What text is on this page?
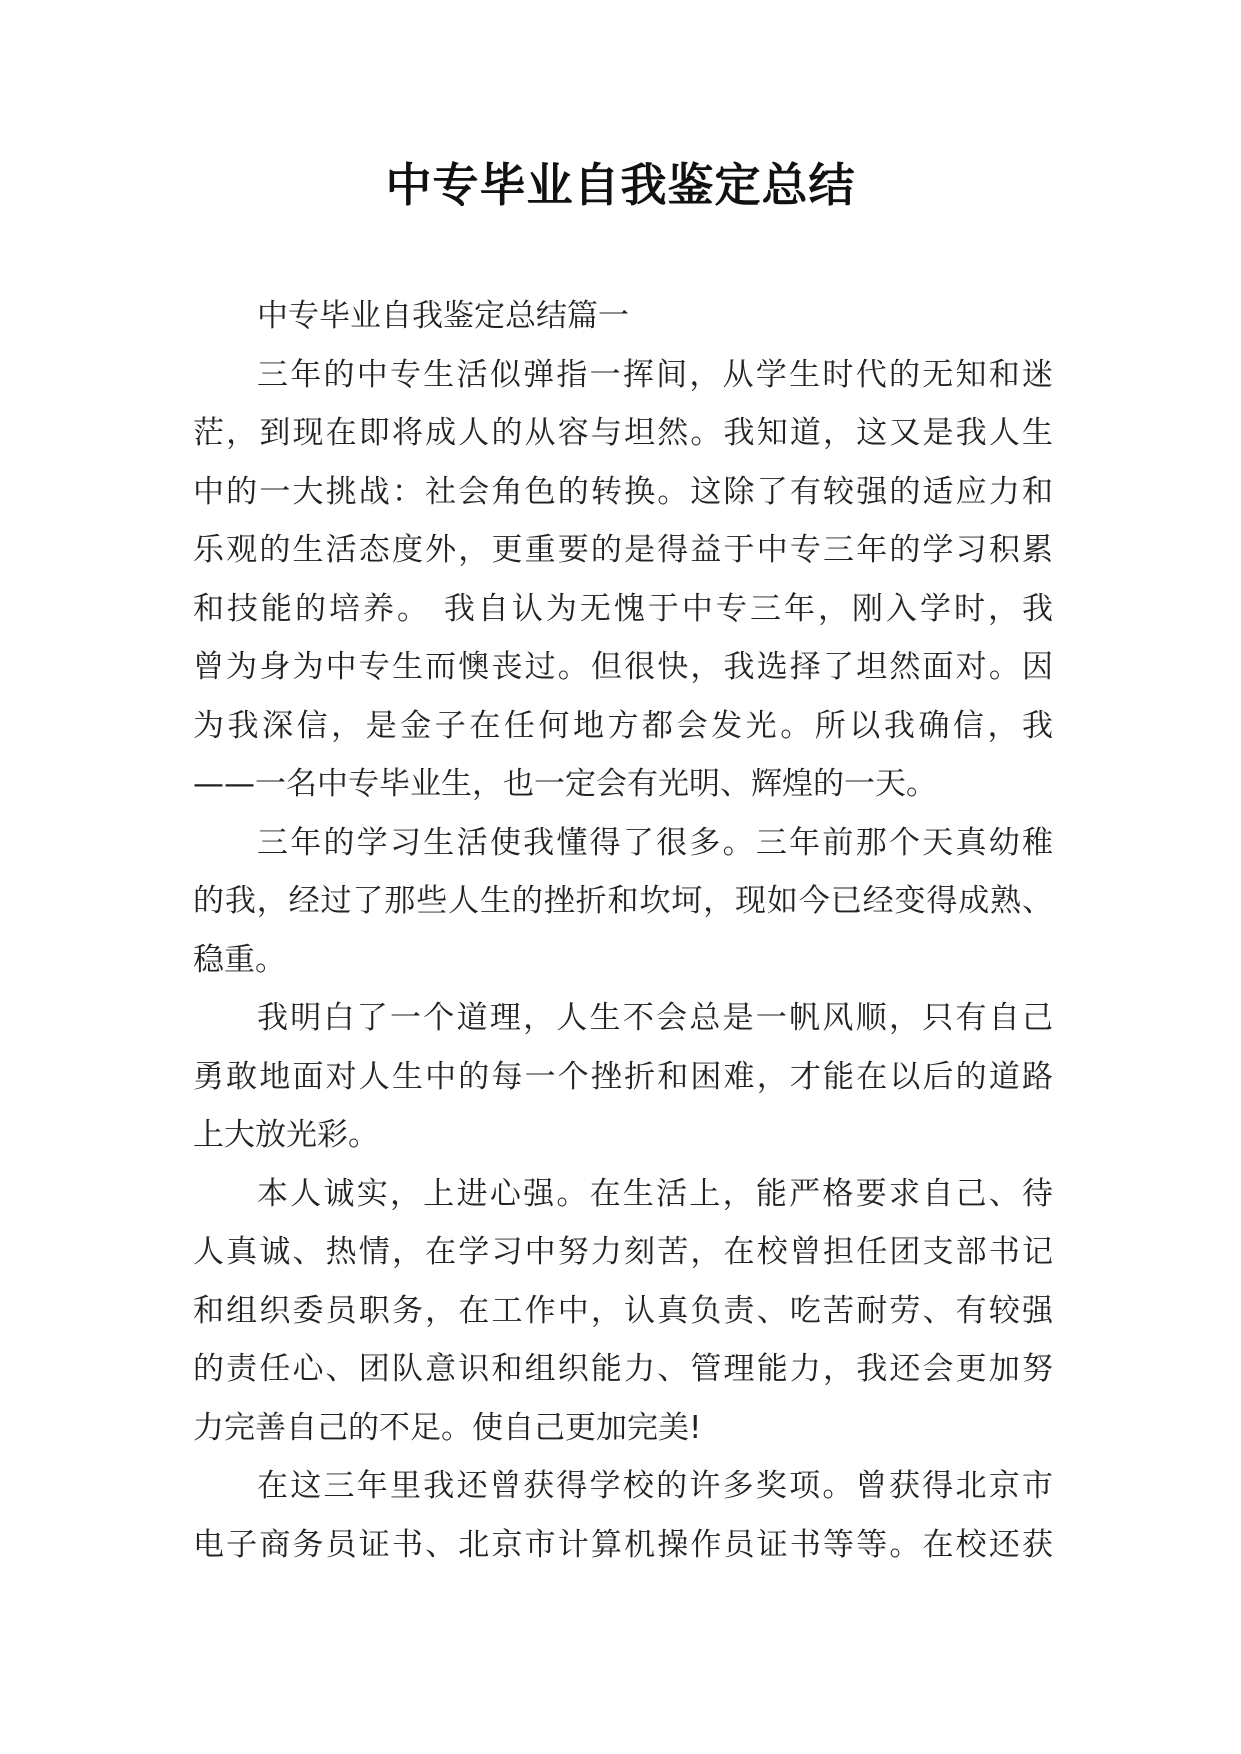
中专毕业自我鉴定总结
中专毕业自我鉴定总结篇一
三年的中专生活似弹指一挥间，从学生时代的无知和迷
茫，到现在即将成人的从容与坦然。我知道，这又是我人生
中的一大挑战：社会角色的转换。这除了有较强的适应力和
乐观的生活态度外，更重要的是得益于中专三年的学习积累
和技能的培养。 我自认为无愧于中专三年，刚入学时，我
曾为身为中专生而懊丧过。但很快，我选择了坦然面对。因
为我深信，是金子在任何地方都会发光。所以我确信，我
——一名中专毕业生，也一定会有光明、辉煌的一天。
三年的学习生活使我懂得了很多。三年前那个天真幼稚
的我，经过了那些人生的挫折和坎坷，现如今已经变得成熟、
稳重。
我明白了一个道理，人生不会总是一帆风顺，只有自己
勇敢地面对人生中的每一个挫折和困难，才能在以后的道路
上大放光彩。
本人诚实，上进心强。在生活上，能严格要求自己、待
人真诚、热情，在学习中努力刻苦，在校曾担任团支部书记
和组织委员职务，在工作中，认真负责、吃苦耐劳、有较强
的责任心、团队意识和组织能力、管理能力，我还会更加努
力完善自己的不足。使自己更加完美!
在这三年里我还曾获得学校的许多奖项。曾获得北京市
电子商务员证书、北京市计算机操作员证书等等。在校还获
